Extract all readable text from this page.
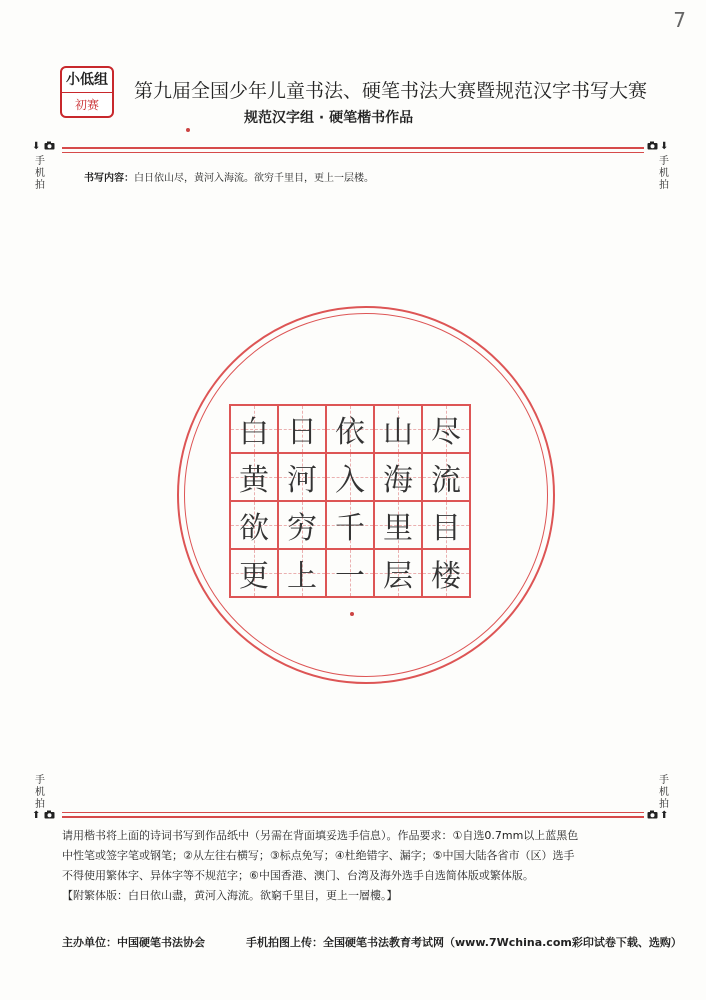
7
小低组
初赛
第九届全国少年儿童书法、硬笔书法大赛暨规范汉字书写大赛
规范汉字组 · 硬笔楷书作品
⬇
手机拍
⬇
手机拍
书写内容：白日依山尽，黄河入海流。欲穷千里目，更上一层楼。
白 日 依 山 尽
黄 河 入 海 流
欲 穷 千 里 目
更 上 一 层 楼
手机拍
⬆
手机拍
⬆
请用楷书将上面的诗词书写到作品纸中（另需在背面填妥选手信息）。作品要求：①自选0.7mm以上蓝黑色
中性笔或签字笔或钢笔；②从左往右横写；③标点免写；④杜绝错字、漏字；⑤中国大陆各省市（区）选手
不得使用繁体字、异体字等不规范字；⑥中国香港、澳门、台湾及海外选手自选简体版或繁体版。
【附繁体版：白日依山盡，黄河入海流。欲窮千里目，更上一層樓。】
主办单位：中国硬笔书法协会	手机拍图上传：全国硬笔书法教育考试网（www.7Wchina.com彩印试卷下载、选购）
